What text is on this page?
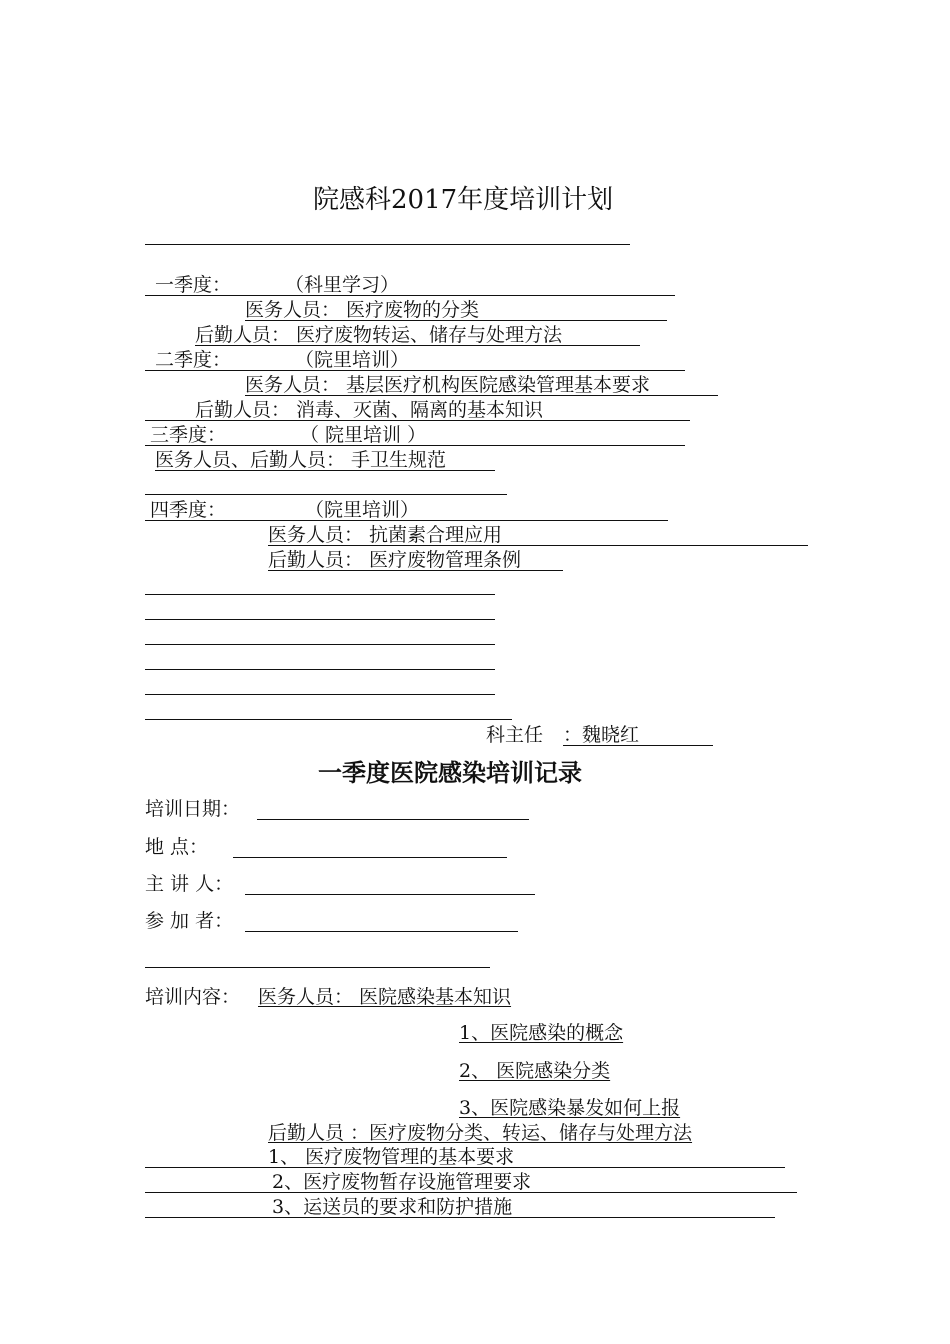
院感科2017年度培训计划
一季度：	（科里学习）
医务人员： 医疗废物的分类
后勤人员： 医疗废物转运、储存与处理方法
二季度：	（院里培训）
医务人员： 基层医疗机构医院感染管理基本要求
后勤人员： 消毒、灭菌、隔离的基本知识
三季度：	（ 院里培训 ）
医务人员、后勤人员： 手卫生规范
四季度：	（院里培训）
医务人员： 抗菌素合理应用
后勤人员： 医疗废物管理条例
科主任 ：魏晓红
一季度医院感染培训记录
培训日期：
地 点：
主 讲 人：
参 加 者：
培训内容： 医务人员： 医院感染基本知识
1、医院感染的概念
2、 医院感染分类
3、医院感染暴发如何上报
后勤人员 ：医疗废物分类、转运、储存与处理方法
1、 医疗废物管理的基本要求
2、医疗废物暂存设施管理要求
3、运送员的要求和防护措施
